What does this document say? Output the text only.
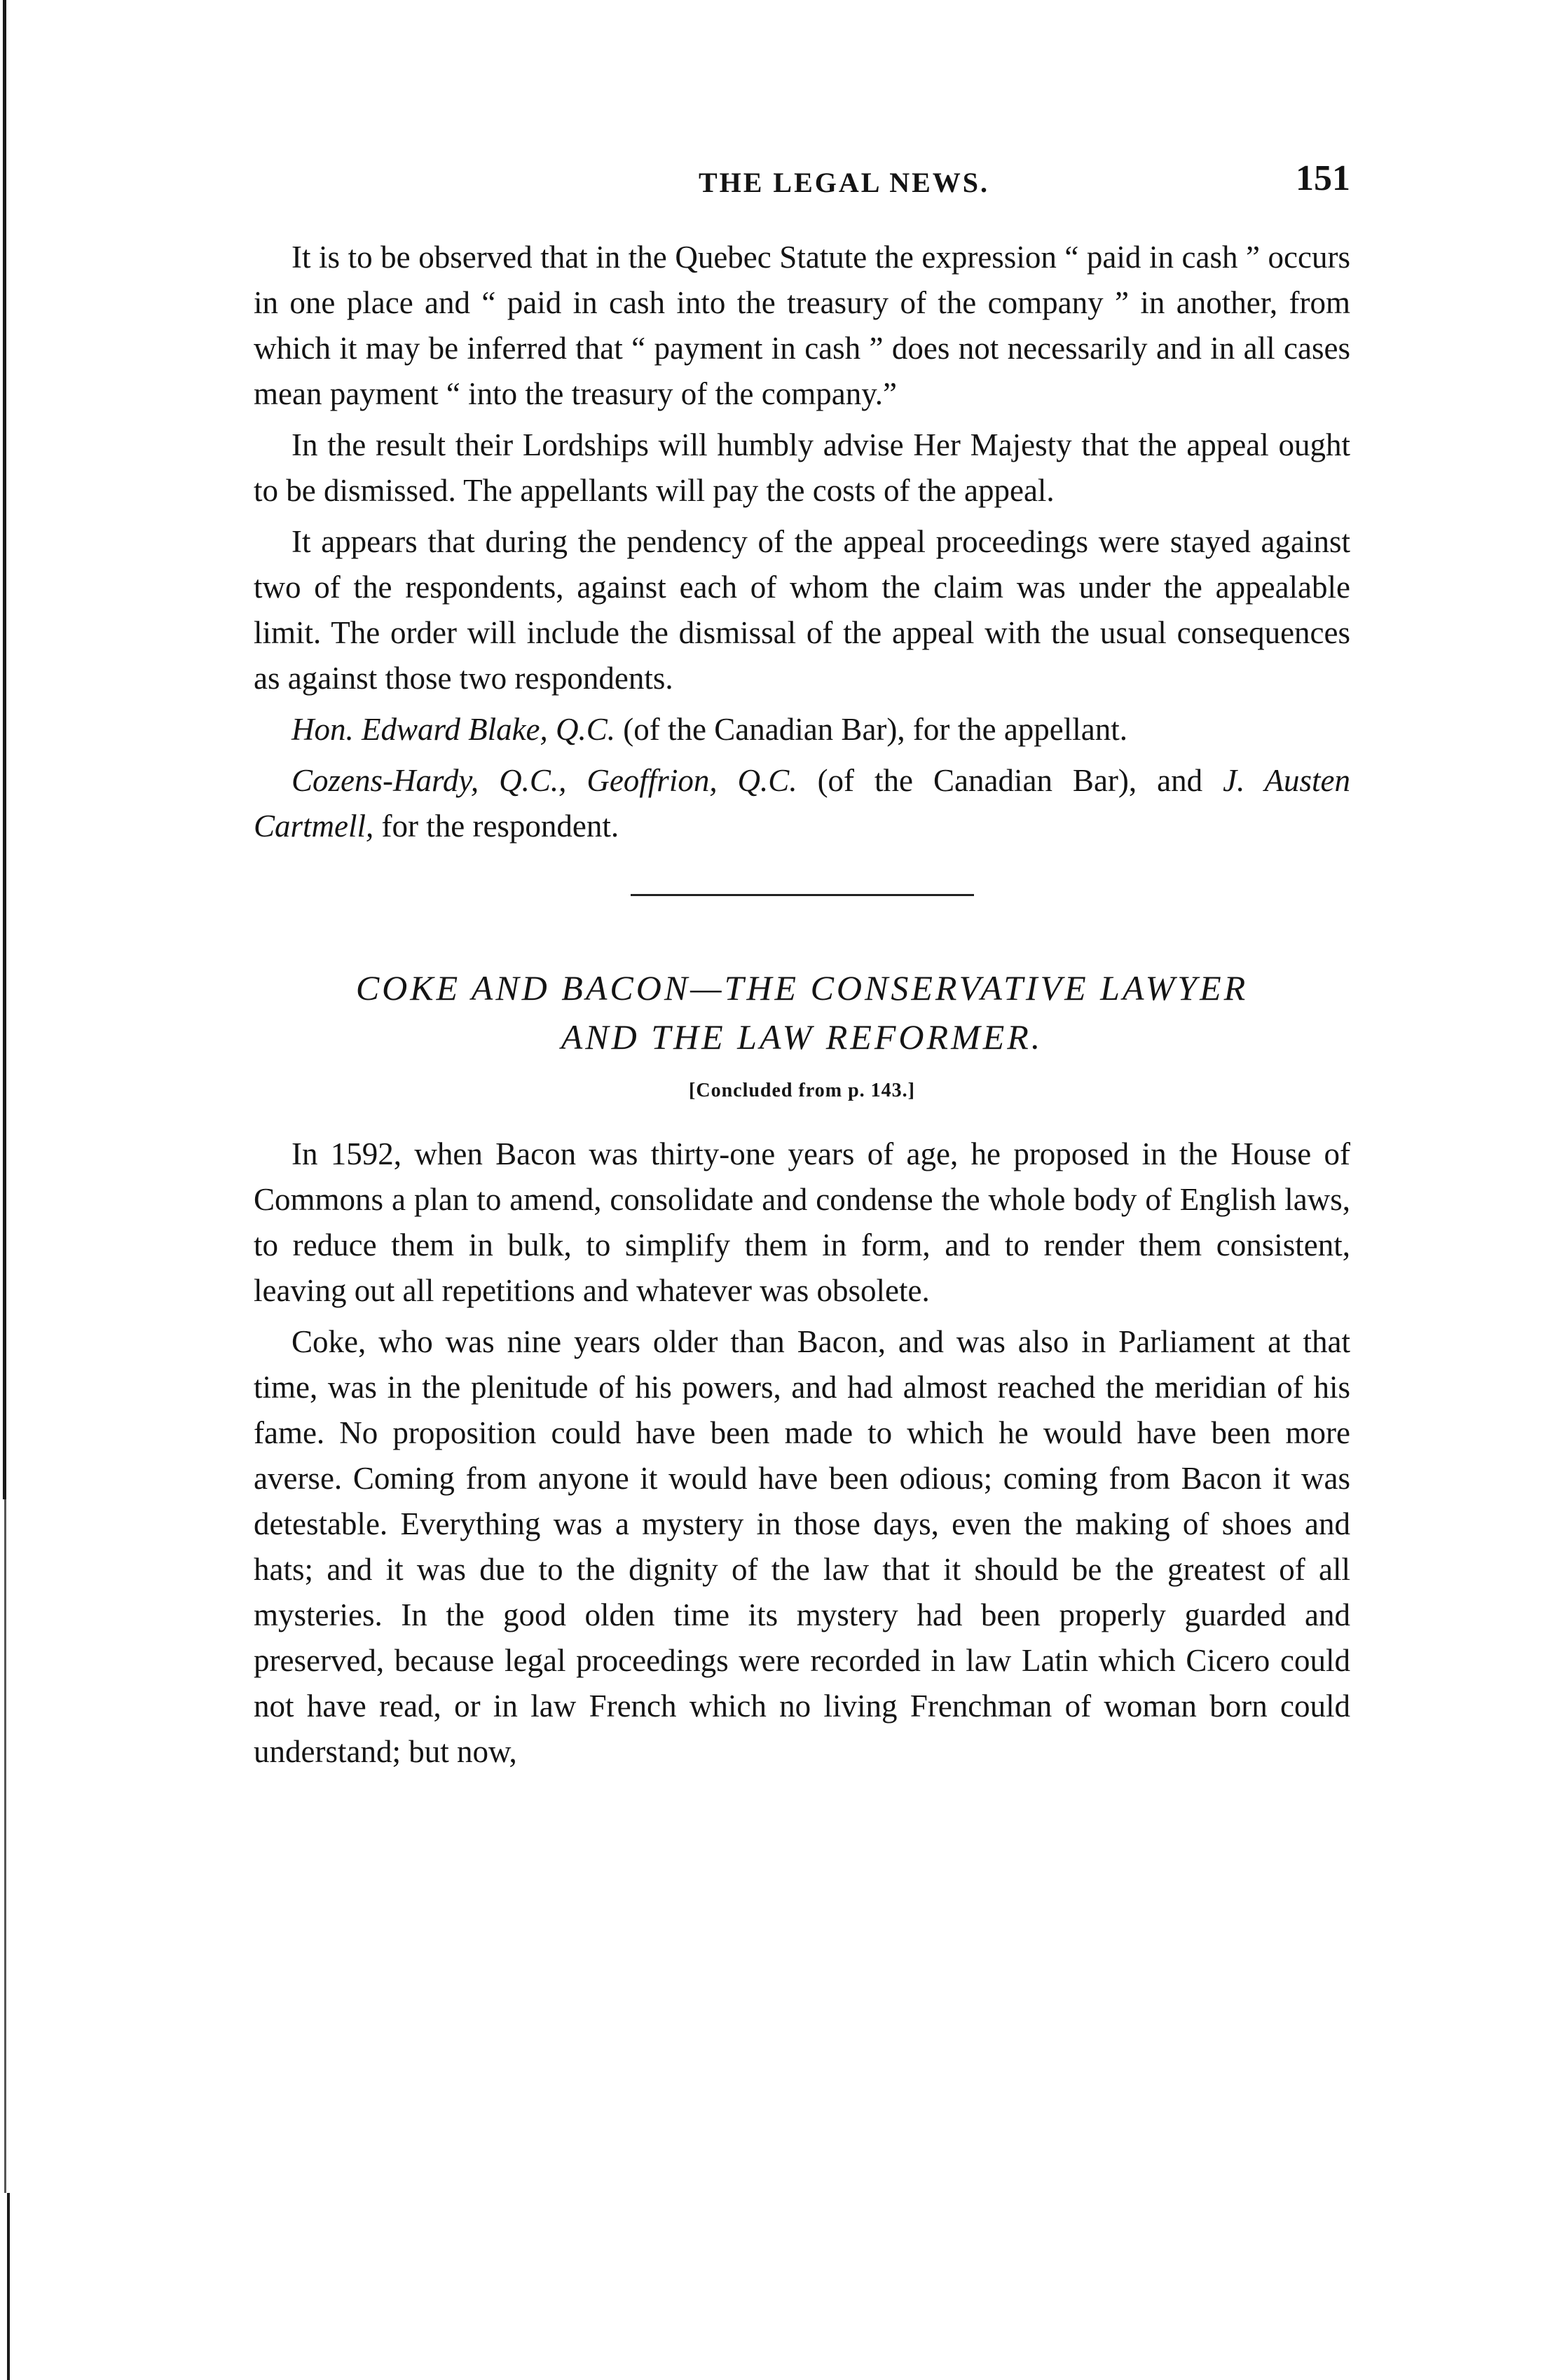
THE LEGAL NEWS.	151

It is to be observed that in the Quebec Statute the expression “ paid in cash ” occurs in one place and “ paid in cash into the treasury of the company ” in another, from which it may be inferred that “ payment in cash ” does not necessarily and in all cases mean payment “ into the treasury of the company.”

In the result their Lordships will humbly advise Her Majesty that the appeal ought to be dismissed. The appellants will pay the costs of the appeal.

It appears that during the pendency of the appeal proceedings were stayed against two of the respondents, against each of whom the claim was under the appealable limit. The order will include the dismissal of the appeal with the usual consequences as against those two respondents.

Hon. Edward Blake, Q.C. (of the Canadian Bar), for the appellant.

Cozens-Hardy, Q.C., Geoffrion, Q.C. (of the Canadian Bar), and J. Austen Cartmell, for the respondent.

COKE AND BACON—THE CONSERVATIVE LAWYER
AND THE LAW REFORMER.
[Concluded from p. 143.]

In 1592, when Bacon was thirty-one years of age, he proposed in the House of Commons a plan to amend, consolidate and condense the whole body of English laws, to reduce them in bulk, to simplify them in form, and to render them consistent, leaving out all repetitions and whatever was obsolete.

Coke, who was nine years older than Bacon, and was also in Parliament at that time, was in the plenitude of his powers, and had almost reached the meridian of his fame. No proposition could have been made to which he would have been more averse. Coming from anyone it would have been odious; coming from Bacon it was detestable. Everything was a mystery in those days, even the making of shoes and hats; and it was due to the dignity of the law that it should be the greatest of all mysteries. In the good olden time its mystery had been properly guarded and preserved, because legal proceedings were recorded in law Latin which Cicero could not have read, or in law French which no living Frenchman of woman born could understand; but now,
